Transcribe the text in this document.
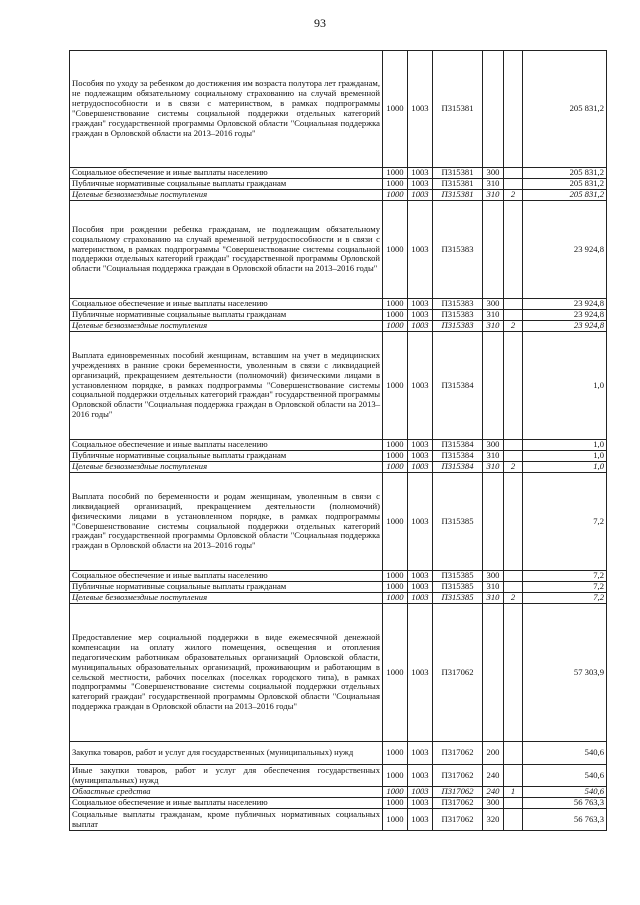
93
Пособия по уходу за ребенком до достижения им возраста полутора лет гражданам, не подлежащим обязательному социальному страхованию на случай временной нетрудоспособности и в связи с материнством, в рамках подпрограммы "Совершенствование системы социальной поддержки отдельных категорий граждан" государственной программы Орловской области "Социальная поддержка граждан в Орловской области на 2013–2016 годы"	1000	1003	П315381			205 831,2
Социальное обеспечение и иные выплаты населению	1000	1003	П315381	300		205 831,2
Публичные нормативные социальные выплаты гражданам	1000	1003	П315381	310		205 831,2
Целевые безвозмездные поступления	1000	1003	П315381	310	2	205 831,2
Пособия при рождении ребенка гражданам, не подлежащим обязательному социальному страхованию на случай временной нетрудоспособности и в связи с материнством, в рамках подпрограммы "Совершенствование системы социальной поддержки отдельных категорий граждан" государственной программы Орловской области "Социальная поддержка граждан в Орловской области на 2013–2016 годы"	1000	1003	П315383			23 924,8
Социальное обеспечение и иные выплаты населению	1000	1003	П315383	300		23 924,8
Публичные нормативные социальные выплаты гражданам	1000	1003	П315383	310		23 924,8
Целевые безвозмездные поступления	1000	1003	П315383	310	2	23 924,8
Выплата единовременных пособий женщинам, вставшим на учет в медицинских учреждениях в ранние сроки беременности, уволенным в связи с ликвидацией организаций, прекращением деятельности (полномочий) физическими лицами в установленном порядке, в рамках подпрограммы "Совершенствование системы социальной поддержки отдельных категорий граждан" государственной программы Орловской области "Социальная поддержка граждан в Орловской области на 2013–2016 годы"	1000	1003	П315384			1,0
Социальное обеспечение и иные выплаты населению	1000	1003	П315384	300		1,0
Публичные нормативные социальные выплаты гражданам	1000	1003	П315384	310		1,0
Целевые безвозмездные поступления	1000	1003	П315384	310	2	1,0
Выплата пособий по беременности и родам женщинам, уволенным в связи с ликвидацией организаций, прекращением деятельности (полномочий) физическими лицами в установленном порядке, в рамках подпрограммы "Совершенствование системы социальной поддержки отдельных категорий граждан" государственной программы Орловской области "Социальная поддержка граждан в Орловской области на 2013–2016 годы"	1000	1003	П315385			7,2
Социальное обеспечение и иные выплаты населению	1000	1003	П315385	300		7,2
Публичные нормативные социальные выплаты гражданам	1000	1003	П315385	310		7,2
Целевые безвозмездные поступления	1000	1003	П315385	310	2	7,2
Предоставление мер социальной поддержки в виде ежемесячной денежной компенсации на оплату жилого помещения, освещения и отопления педагогическим работникам образовательных организаций Орловской области, муниципальных образовательных организаций, проживающим и работающим в сельской местности, рабочих поселках (поселках городского типа), в рамках подпрограммы "Совершенствование системы социальной поддержки отдельных категорий граждан" государственной программы Орловской области "Социальная поддержка граждан в Орловской области на 2013–2016 годы"	1000	1003	П317062			57 303,9
Закупка товаров, работ и услуг для государственных (муниципальных) нужд	1000	1003	П317062	200		540,6
Иные закупки товаров, работ и услуг для обеспечения государственных (муниципальных) нужд	1000	1003	П317062	240		540,6
Областные средства	1000	1003	П317062	240	1	540,6
Социальное обеспечение и иные выплаты населению	1000	1003	П317062	300		56 763,3
Социальные выплаты гражданам, кроме публичных нормативных социальных выплат	1000	1003	П317062	320		56 763,3
